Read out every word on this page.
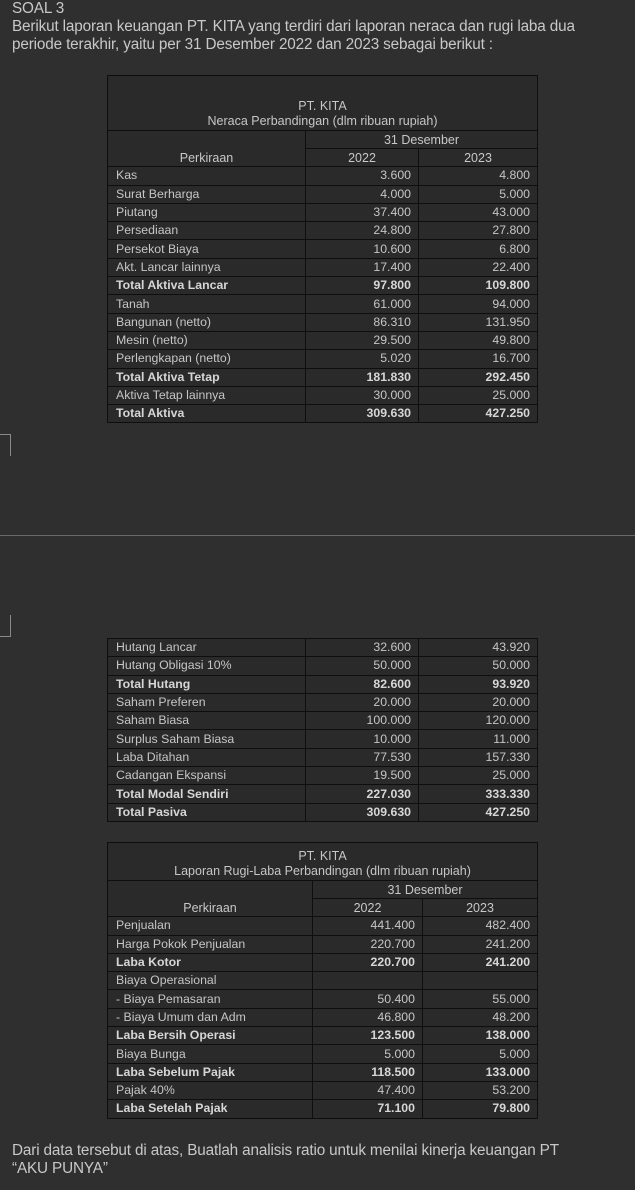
SOAL 3
Berikut laporan keuangan PT. KITA yang terdiri dari laporan neraca dan rugi laba dua
periode terakhir, yaitu per 31 Desember 2022 dan 2023 sebagai berikut :
PT. KITA
Neraca Perbandingan (dlm ribuan rupiah)		

Perkiraan	31 Desember	
	2022	2023
Kas	3.600	4.800
Surat Berharga	4.000	5.000
Piutang	37.400	43.000
Persediaan	24.800	27.800
Persekot Biaya	10.600	6.800
Akt. Lancar lainnya	17.400	22.400
Total Aktiva Lancar	97.800	109.800
Tanah	61.000	94.000
Bangunan (netto)	86.310	131.950
Mesin (netto)	29.500	49.800
Perlengkapan (netto)	5.020	16.700
Total Aktiva Tetap	181.830	292.450
Aktiva Tetap lainnya	30.000	25.000
Total Aktiva	309.630	427.250
Hutang Lancar	32.600	43.920
Hutang Obligasi 10%	50.000	50.000
Total Hutang	82.600	93.920
Saham Preferen	20.000	20.000
Saham Biasa	100.000	120.000
Surplus Saham Biasa	10.000	11.000
Laba Ditahan	77.530	157.330
Cadangan Ekspansi	19.500	25.000
Total Modal Sendiri	227.030	333.330
Total Pasiva	309.630	427.250
PT. KITA
Laporan Rugi-Laba Perbandingan (dlm ribuan rupiah)		

Perkiraan	31 Desember	
	2022	2023
Penjualan	441.400	482.400
Harga Pokok Penjualan	220.700	241.200
Laba Kotor	220.700	241.200
Biaya Operasional		
- Biaya Pemasaran	50.400	55.000
- Biaya Umum dan Adm	46.800	48.200
Laba Bersih Operasi	123.500	138.000
Biaya Bunga	5.000	5.000
Laba Sebelum Pajak	118.500	133.000
Pajak 40%	47.400	53.200
Laba Setelah Pajak	71.100	79.800
Dari data tersebut di atas, Buatlah analisis ratio untuk menilai kinerja keuangan PT
“AKU PUNYA”
